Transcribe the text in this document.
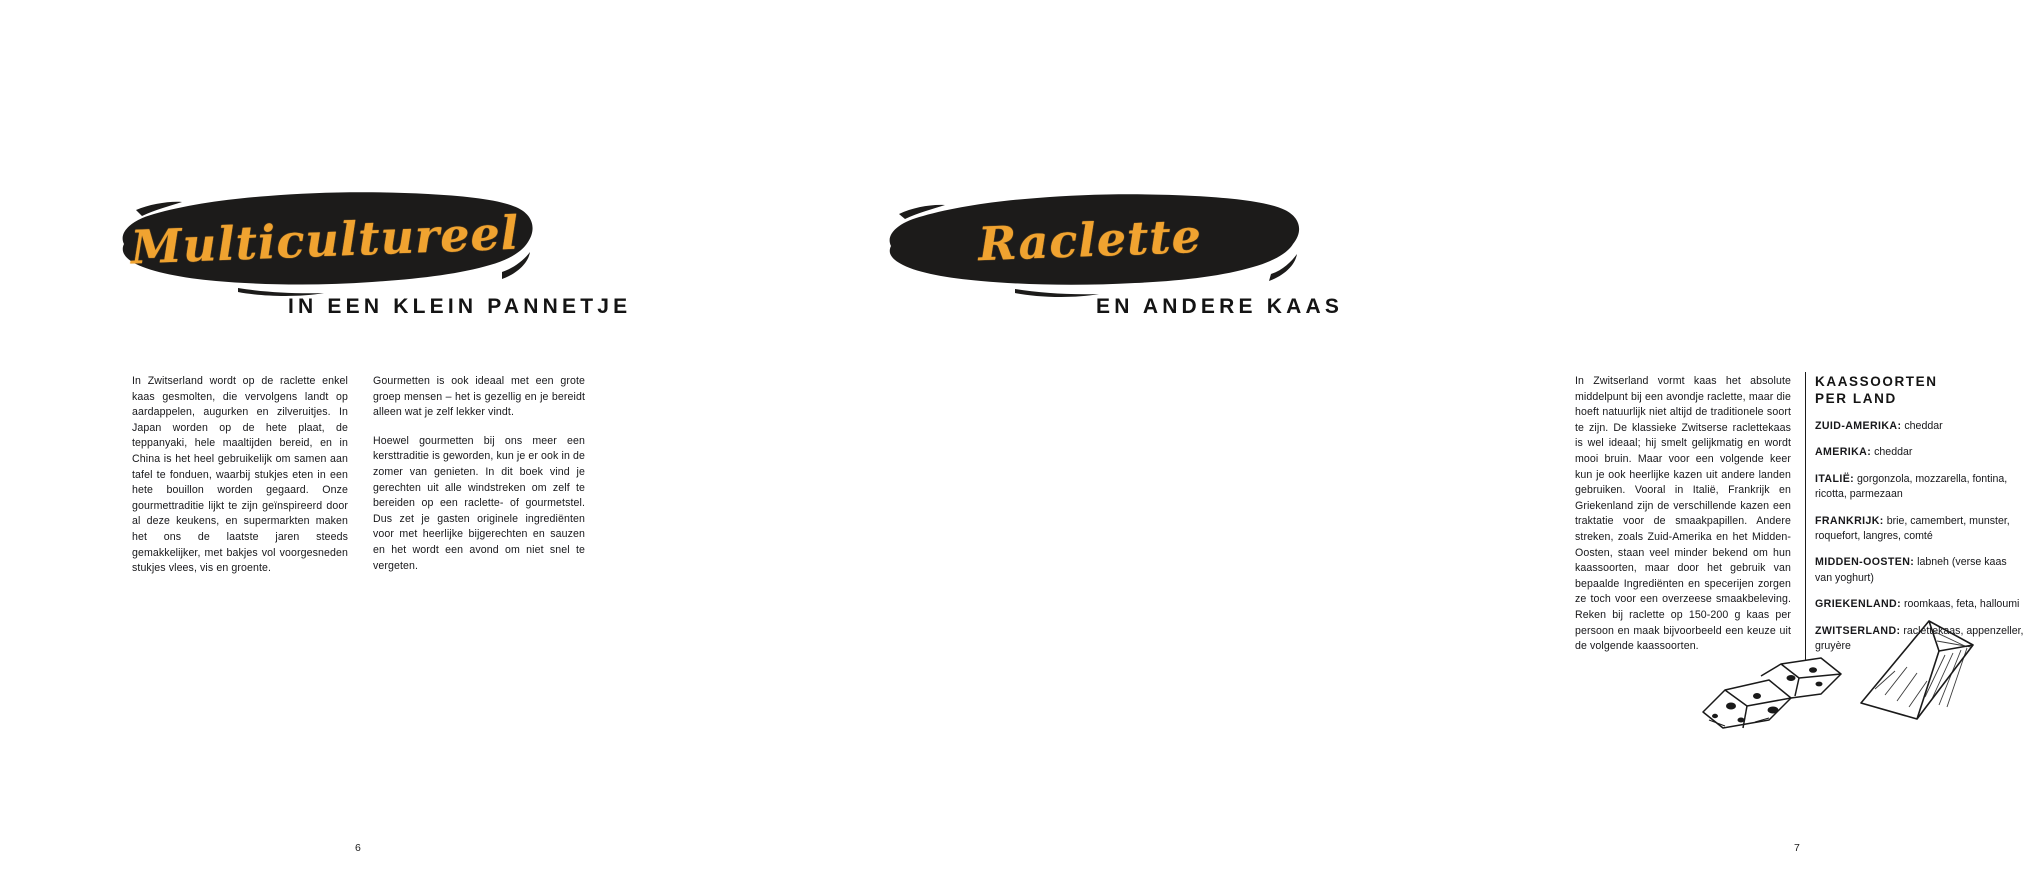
Multicultureel
IN EEN KLEIN PANNETJE

In Zwitserland wordt op de raclette enkel kaas gesmolten, die vervolgens landt op aardappelen, augurken en zilveruitjes. In Japan worden op de hete plaat, de teppanyaki, hele maaltijden bereid, en in China is het heel gebruikelijk om samen aan tafel te fonduen, waarbij stukjes eten in een hete bouillon worden gegaard. Onze gourmettraditie lijkt te zijn geïnspireerd door al deze keukens, en supermarkten maken het ons de laatste jaren steeds gemakkelijker, met bakjes vol voorgesneden stukjes vlees, vis en groente.

Gourmetten is ook ideaal met een grote groep mensen – het is gezellig en je bereidt alleen wat je zelf lekker vindt.

Hoewel gourmetten bij ons meer een kersttraditie is geworden, kun je er ook in de zomer van genieten. In dit boek vind je gerechten uit alle windstreken om zelf te bereiden op een raclette- of gourmetstel. Dus zet je gasten originele ingrediënten voor met heerlijke bijgerechten en sauzen en het wordt een avond om niet snel te vergeten.

6
Raclette
EN ANDERE KAAS

In Zwitserland vormt kaas het absolute middelpunt bij een avondje raclette, maar die hoeft natuurlijk niet altijd de traditionele soort te zijn. De klassieke Zwitserse raclettekaas is wel ideaal; hij smelt gelijkmatig en wordt mooi bruin. Maar voor een volgende keer kun je ook heerlijke kazen uit andere landen gebruiken. Vooral in Italië, Frankrijk en Griekenland zijn de verschillende kazen een traktatie voor de smaakpapillen. Andere streken, zoals Zuid-Amerika en het Midden-Oosten, staan veel minder bekend om hun kaassoorten, maar door het gebruik van bepaalde Ingrediënten en specerijen zorgen ze toch voor een overzeese smaakbeleving. Reken bij raclette op 150-200 g kaas per persoon en maak bijvoorbeeld een keuze uit de volgende kaassoorten.

KAASSOORTEN
PER LAND
ZUID-AMERIKA: cheddar
AMERIKA: cheddar
ITALIË: gorgonzola, mozzarella, fontina, ricotta, parmezaan
FRANKRIJK: brie, camembert, munster, roquefort, langres, comté
MIDDEN-OOSTEN: labneh (verse kaas van yoghurt)
GRIEKENLAND: roomkaas, feta, halloumi
ZWITSERLAND: raclettekaas, appenzeller, gruyère
7
